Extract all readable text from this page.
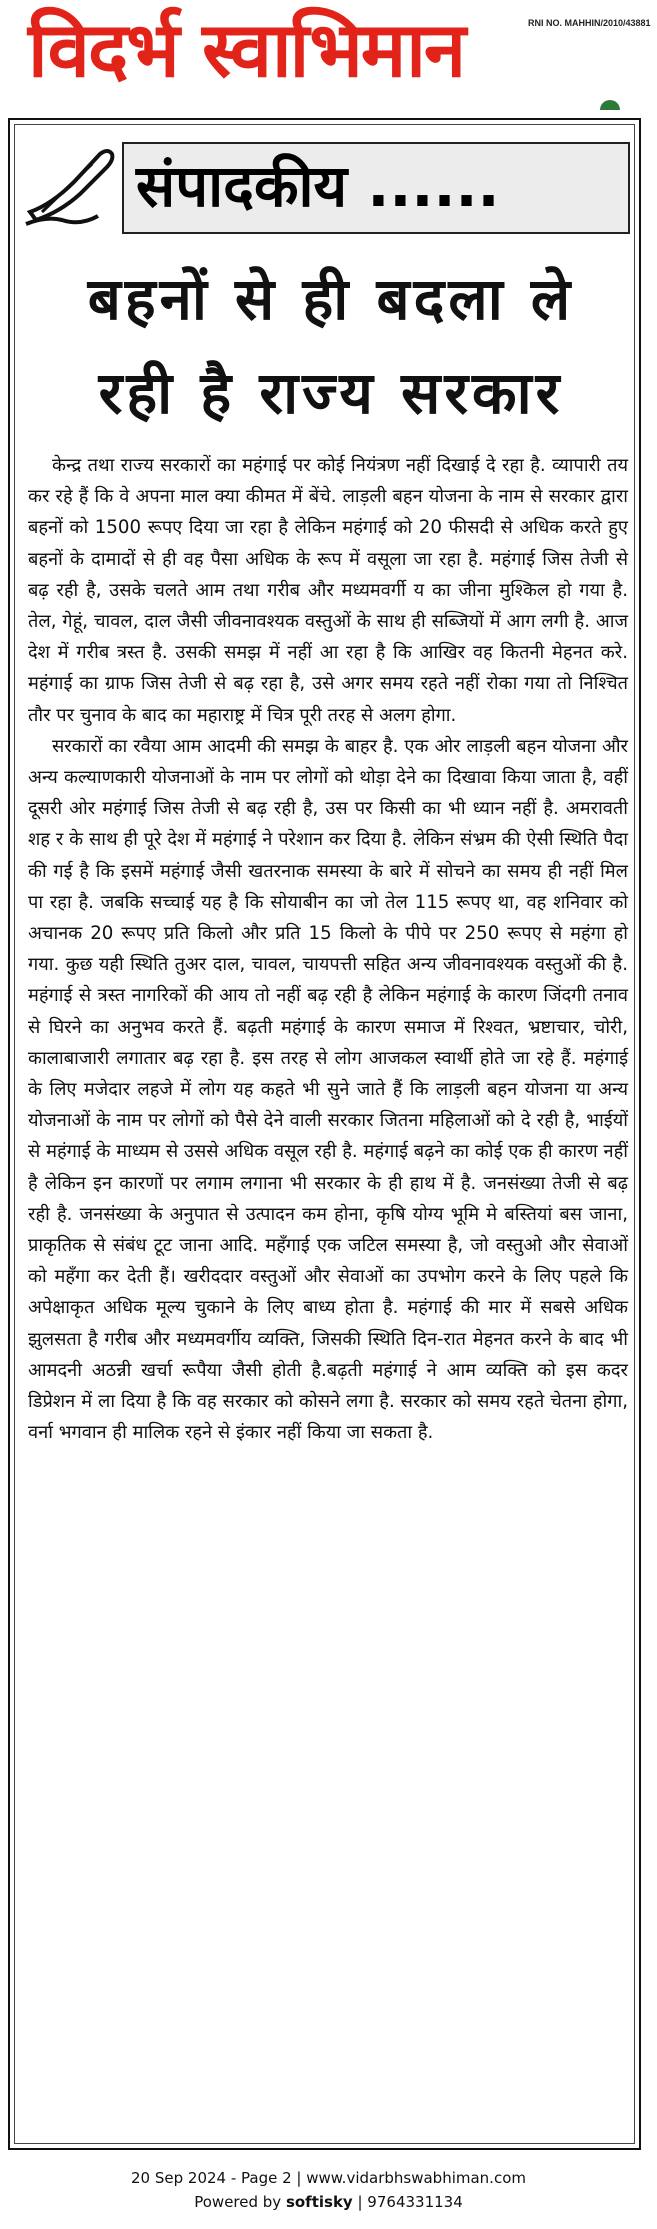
विदर्भ स्वाभिमान	RNI NO. MAHHIN/2010/43881
संपादकीय ......
बहनों से ही बदला ले
रही है राज्य सरकार

केन्द्र तथा राज्य सरकारों का महंगाई पर कोई नियंत्रण नहीं दिखाई दे रहा है. व्यापारी तय कर रहे हैं कि वे अपना माल क्या कीमत में बेंचे. लाड़ली बहन योजना के नाम से सरकार द्वारा बहनों को 1500 रूपए दिया जा रहा है लेकिन महंगाई को 20 फीसदी से अधिक करते हुए बहनों के दामादों से ही वह पैसा अधिक के रूप में वसूला जा रहा है. महंगाई जिस तेजी से बढ़ रही है, उसके चलते आम तथा गरीब और मध्यमवर्गी य का जीना मुश्किल हो गया है. तेल, गेहूं, चावल, दाल जैसी जीवनावश्यक वस्तुओं के साथ ही सब्जियों में आग लगी है. आज देश में गरीब त्रस्त है. उसकी समझ में नहीं आ रहा है कि आखिर वह कितनी मेहनत करे. महंगाई का ग्राफ जिस तेजी से बढ़ रहा है, उसे अगर समय रहते नहीं रोका गया तो निश्चित तौर पर चुनाव के बाद का महाराष्ट्र में चित्र पूरी तरह से अलग होगा.

सरकारों का रवैया आम आदमी की समझ के बाहर है. एक ओर लाड़ली बहन योजना और अन्य कल्याणकारी योजनाओं के नाम पर लोगों को थोड़ा देने का दिखावा किया जाता है, वहीं दूसरी ओर महंगाई जिस तेजी से बढ़ रही है, उस पर किसी का भी ध्यान नहीं है. अमरावती शह र के साथ ही पूरे देश में महंगाई ने परेशान कर दिया है. लेकिन संभ्रम की ऐसी स्थिति पैदा की गई है कि इसमें महंगाई जैसी खतरनाक समस्या के बारे में सोचने का समय ही नहीं मिल पा रहा है. जबकि सच्चाई यह है कि सोयाबीन का जो तेल 115 रूपए था, वह शनिवार को अचानक 20 रूपए प्रति किलो और प्रति 15 किलो के पीपे पर 250 रूपए से महंगा हो गया. कुछ यही स्थिति तुअर दाल, चावल, चायपत्ती सहित अन्य जीवनावश्यक वस्तुओं की है. महंगाई से त्रस्त नागरिकों की आय तो नहीं बढ़ रही है लेकिन महंगाई के कारण जिंदगी तनाव से घिरने का अनुभव करते हैं. बढ़ती महंगाई के कारण समाज में रिश्वत, भ्रष्टाचार, चोरी, कालाबाजारी लगातार बढ़ रहा है. इस तरह से लोग आजकल स्वार्थी होते जा रहे हैं. महंगाई के लिए मजेदार लहजे में लोग यह कहते भी सुने जाते हैं कि लाड़ली बहन योजना या अन्य योजनाओं के नाम पर लोगों को पैसे देने वाली सरकार जितना महिलाओं को दे रही है, भाईयों से महंगाई के माध्यम से उससे अधिक वसूल रही है. महंगाई बढ़ने का कोई एक ही कारण नहीं है लेकिन इन कारणों पर लगाम लगाना भी सरकार के ही हाथ में है. जनसंख्या तेजी से बढ़ रही है. जनसंख्या के अनुपात से उत्पादन कम होना, कृषि योग्य भूमि मे बस्तियां बस जाना, प्राकृतिक से संबंध टूट जाना आदि. महँगाई एक जटिल समस्या है, जो वस्तुओ और सेवाओं को महँगा कर देती हैं। खरीददार वस्तुओं और सेवाओं का उपभोग करने के लिए पहले कि अपेक्षाकृत अधिक मूल्य चुकाने के लिए बाध्य होता है. महंगाई की मार में सबसे अधिक झुलसता है गरीब और मध्यमवर्गीय व्यक्ति, जिसकी स्थिति दिन-रात मेहनत करने के बाद भी आमदनी अठन्नी खर्चा रूपैया जैसी होती है.बढ़ती महंगाई ने आम व्यक्ति को इस कदर डिप्रेशन में ला दिया है कि वह सरकार को कोसने लगा है. सरकार को समय रहते चेतना होगा, वर्ना भगवान ही मालिक रहने से इंकार नहीं किया जा सकता है.

20 Sep 2024 - Page 2 | www.vidarbhswabhiman.com
Powered by softisky | 9764331134
